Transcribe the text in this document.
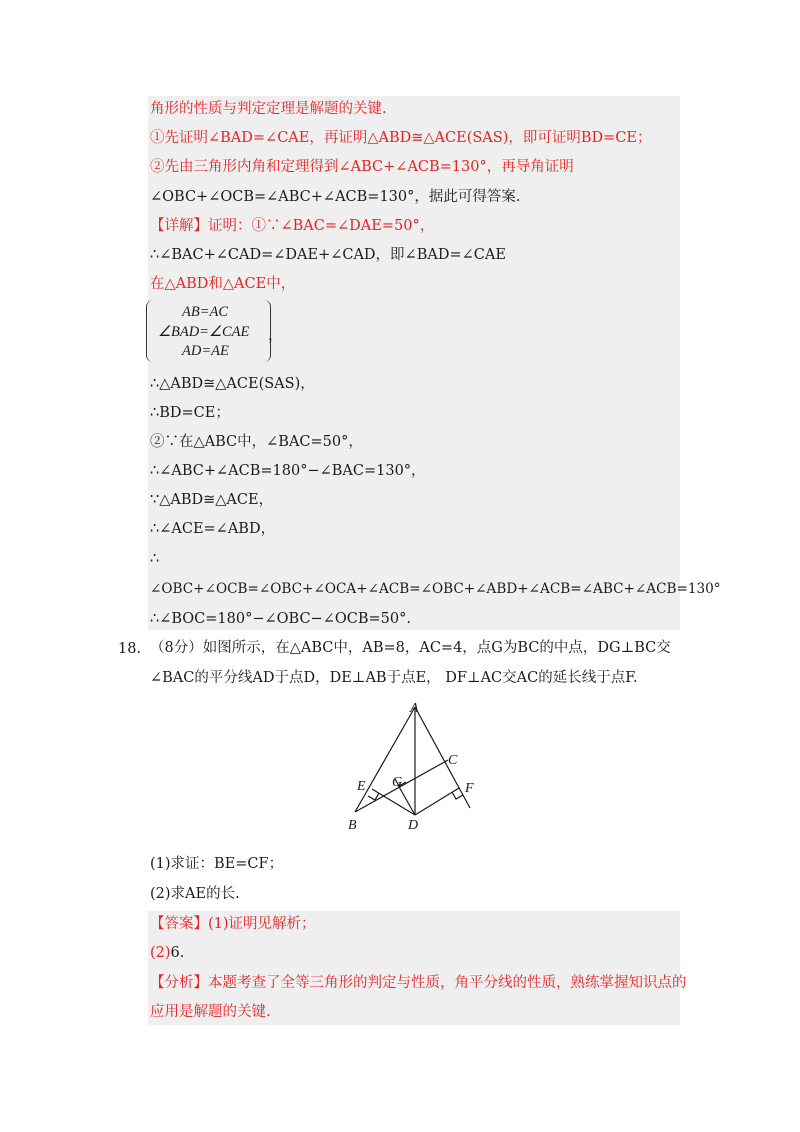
角形的性质与判定定理是解题的关键.
①先证明∠BAD=∠CAE，再证明△ABD≅△ACE(SAS)，即可证明BD=CE；
②先由三角形内角和定理得到∠ABC+∠ACB=130°，再导角证明
∠OBC+∠OCB=∠ABC+∠ACB=130°，据此可得答案.
【详解】证明：①∵∠BAC=∠DAE=50°，
∴∠BAC+∠CAD=∠DAE+∠CAD，即∠BAD=∠CAE
在△ABD和△ACE中，
AB=AC
∠BAD=∠CAE
AD=AE
，
∴△ABD≅△ACE(SAS)，
∴BD=CE；
②∵在△ABC中，∠BAC=50°，
∴∠ABC+∠ACB=180°−∠BAC=130°，
∵△ABD≅△ACE，
∴∠ACE=∠ABD，
∴
∠OBC+∠OCB=∠OBC+∠OCA+∠ACB=∠OBC+∠ABD+∠ACB=∠ABC+∠ACB=130°
∴∠BOC=180°−∠OBC−∠OCB=50°.
18. （8分）如图所示，在△ABC中，AB=8，AC=4，点G为BC的中点，DG⊥BC交
∠BAC的平分线AD于点D，DE⊥AB于点E， DF⊥AC交AC的延长线于点F.
A
B
C
D
E	F
G
(1)求证：BE=CF；
(2)求AE的长.
【答案】(1)证明见解析；
(2)6.
【分析】本题考查了全等三角形的判定与性质，角平分线的性质，熟练掌握知识点的
应用是解题的关键.
